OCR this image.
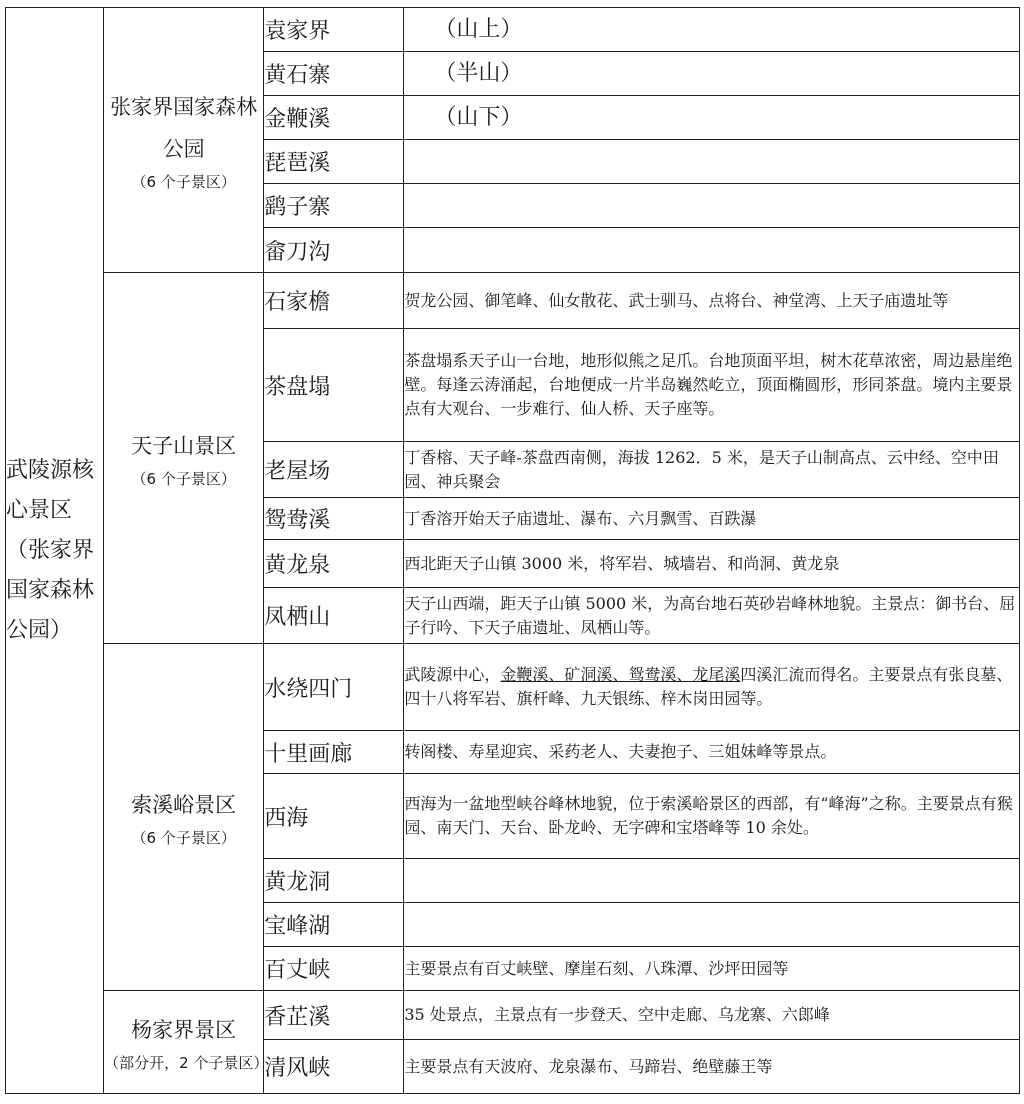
武陵源核心景区（张家界国家森林公园）	张家界国家森林公园
（6 个子景区）	袁家界	（山上）
		黄石寨	（半山）
		金鞭溪	（山下）
		琵琶溪	
		鹞子寨	
		畲刀沟	

	天子山景区
（6 个子景区）	石家檐	贺龙公园、御笔峰、仙女散花、武士驯马、点将台、神堂湾、上天子庙遗址等
		茶盘塌	茶盘塌系天子山一台地，地形似熊之足爪。台地顶面平坦，树木花草浓密，周边悬崖绝壁。每逢云涛涌起，台地便成一片半岛巍然屹立，顶面椭圆形，形同茶盘。境内主要景点有大观台、一步难行、仙人桥、天子座等。
		老屋场	丁香榕、天子峰-茶盘西南侧，海拔 1262．5 米，是天子山制高点、云中经、空中田园、神兵聚会
		鸳鸯溪	丁香溶开始天子庙遗址、瀑布、六月飘雪、百跌瀑
		黄龙泉	西北距天子山镇 3000 米，将军岩、城墙岩、和尚洞、黄龙泉
		凤栖山	天子山西端，距天子山镇 5000 米，为高台地石英砂岩峰林地貌。主景点：御书台、屈子行吟、下天子庙遗址、凤栖山等。

	索溪峪景区
（6 个子景区）	水绕四门	武陵源中心，金鞭溪、矿洞溪、鸳鸯溪、龙尾溪四溪汇流而得名。主要景点有张良墓、四十八将军岩、旗杆峰、九天银练、梓木岗田园等。
		十里画廊	转阁楼、寿星迎宾、采药老人、夫妻抱子、三姐妹峰等景点。
		西海	西海为一盆地型峡谷峰林地貌，位于索溪峪景区的西部，有“峰海”之称。主要景点有猴园、南天门、天台、卧龙岭、无字碑和宝塔峰等 10 余处。
		黄龙洞	
		宝峰湖	
		百丈峡	主要景点有百丈峡壁、摩崖石刻、八珠潭、沙坪田园等

	杨家界景区
（部分开，2 个子景区）	香芷溪	35 处景点，主景点有一步登天、空中走廊、乌龙寨、六郎峰
		清风峡	主要景点有天波府、龙泉瀑布、马蹄岩、绝壁藤王等
